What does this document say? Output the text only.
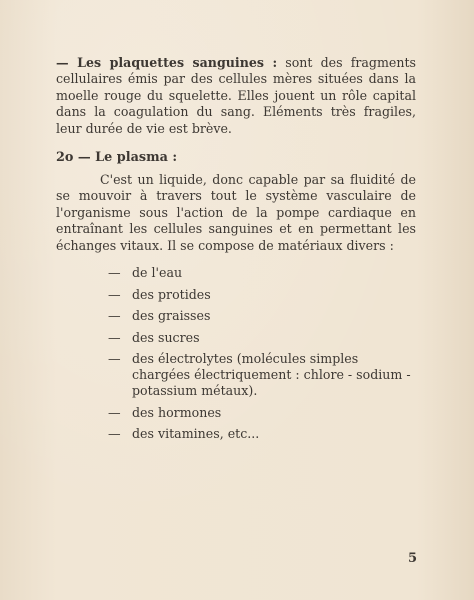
— Les plaquettes sanguines : sont des fragments cellulaires émis par des cellules mères situées dans la moelle rouge du squelette. Elles jouent un rôle capital dans la coagulation du sang. Eléments très fragiles, leur durée de vie est brève.
2o — Le plasma :
C'est un liquide, donc capable par sa fluidité de se mouvoir à travers tout le système vasculaire de l'organisme sous l'action de la pompe cardiaque en entraînant les cellules sanguines et en permettant les échanges vitaux. Il se compose de matériaux divers :
— de l'eau
— des protides
— des graisses
— des sucres
— des électrolytes (molécules simples chargées électriquement : chlore - sodium - potassium métaux).
— des hormones
— des vitamines, etc...
5
